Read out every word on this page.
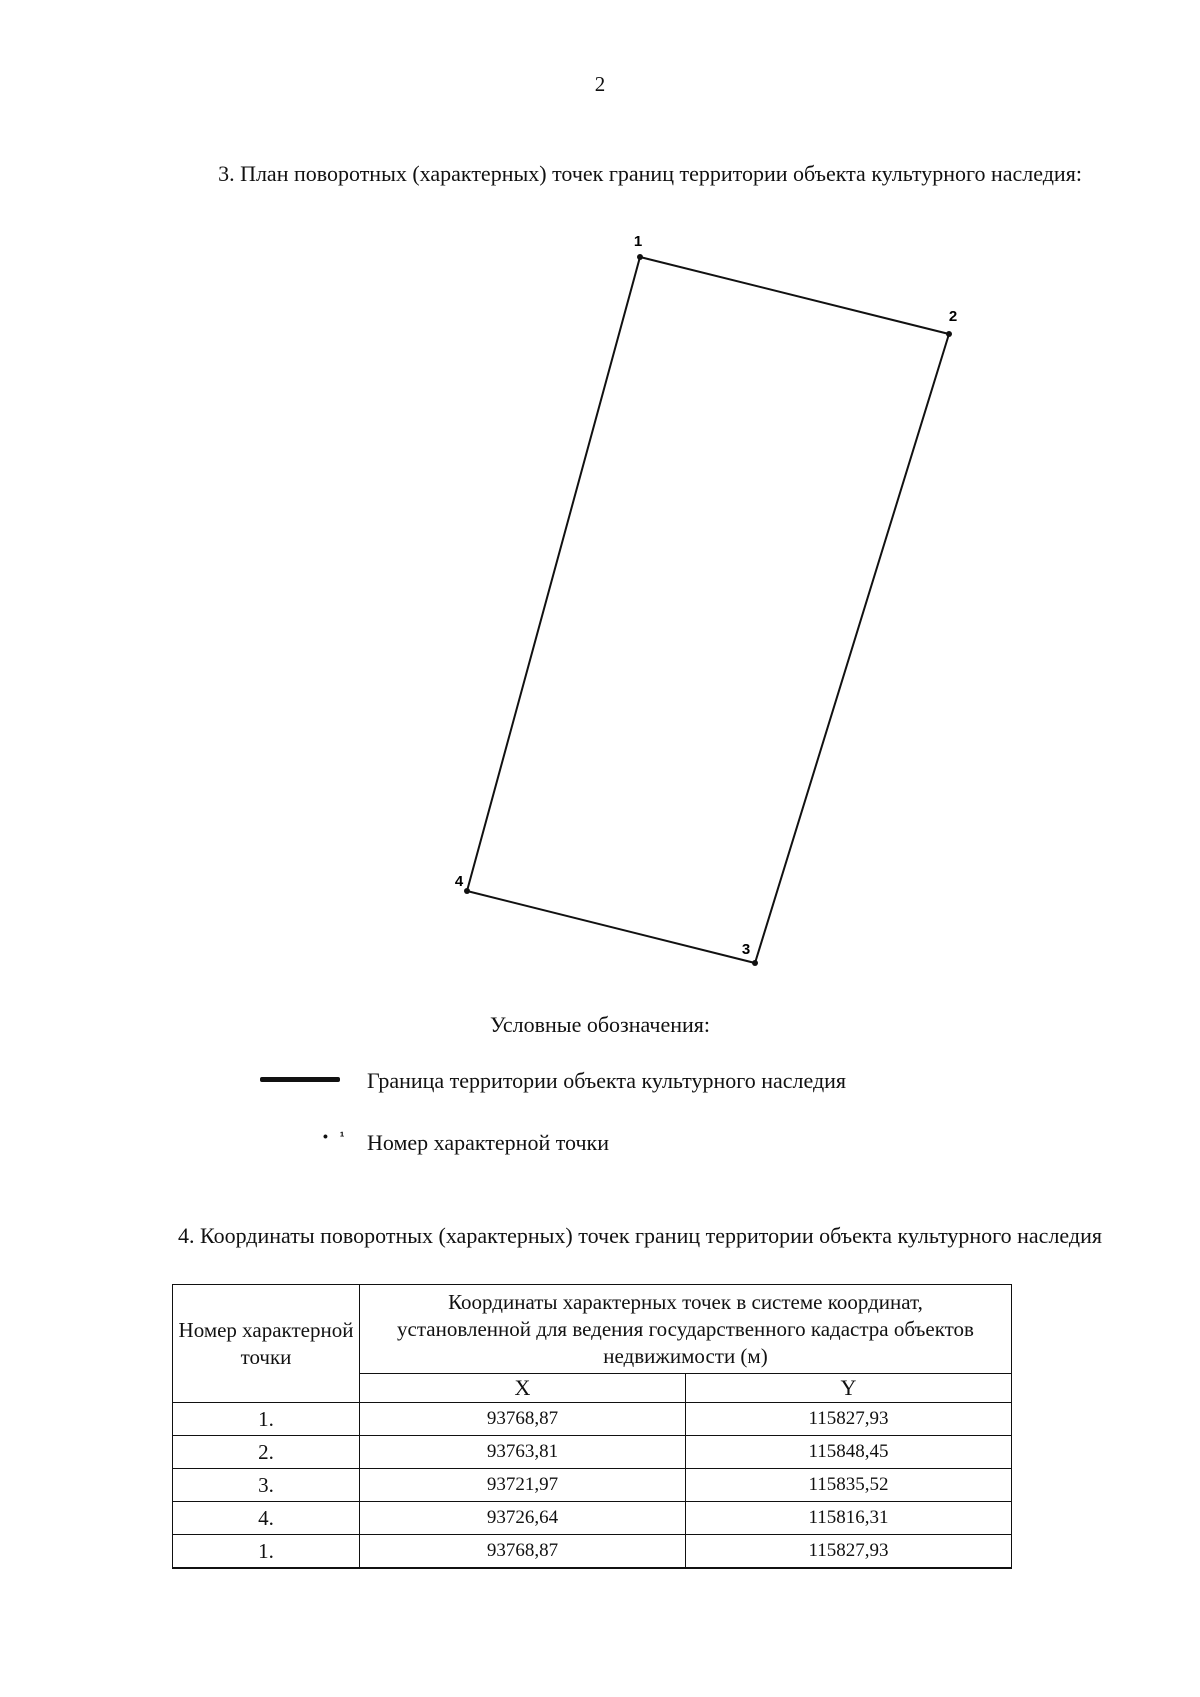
2
3. План поворотных (характерных) точек границ территории объекта культурного наследия:
1
2
3
4
Условные обозначения:
Граница территории объекта культурного наследия
• ¹ Номер характерной точки
4. Координаты поворотных (характерных) точек границ территории объекта культурного наследия
Номер характерной точки	Координаты характерных точек в системе координат, установленной для ведения государственного кадастра объектов недвижимости (м)	
	X	Y
1.	93768,87	115827,93
2.	93763,81	115848,45
3.	93721,97	115835,52
4.	93726,64	115816,31
1.	93768,87	115827,93
